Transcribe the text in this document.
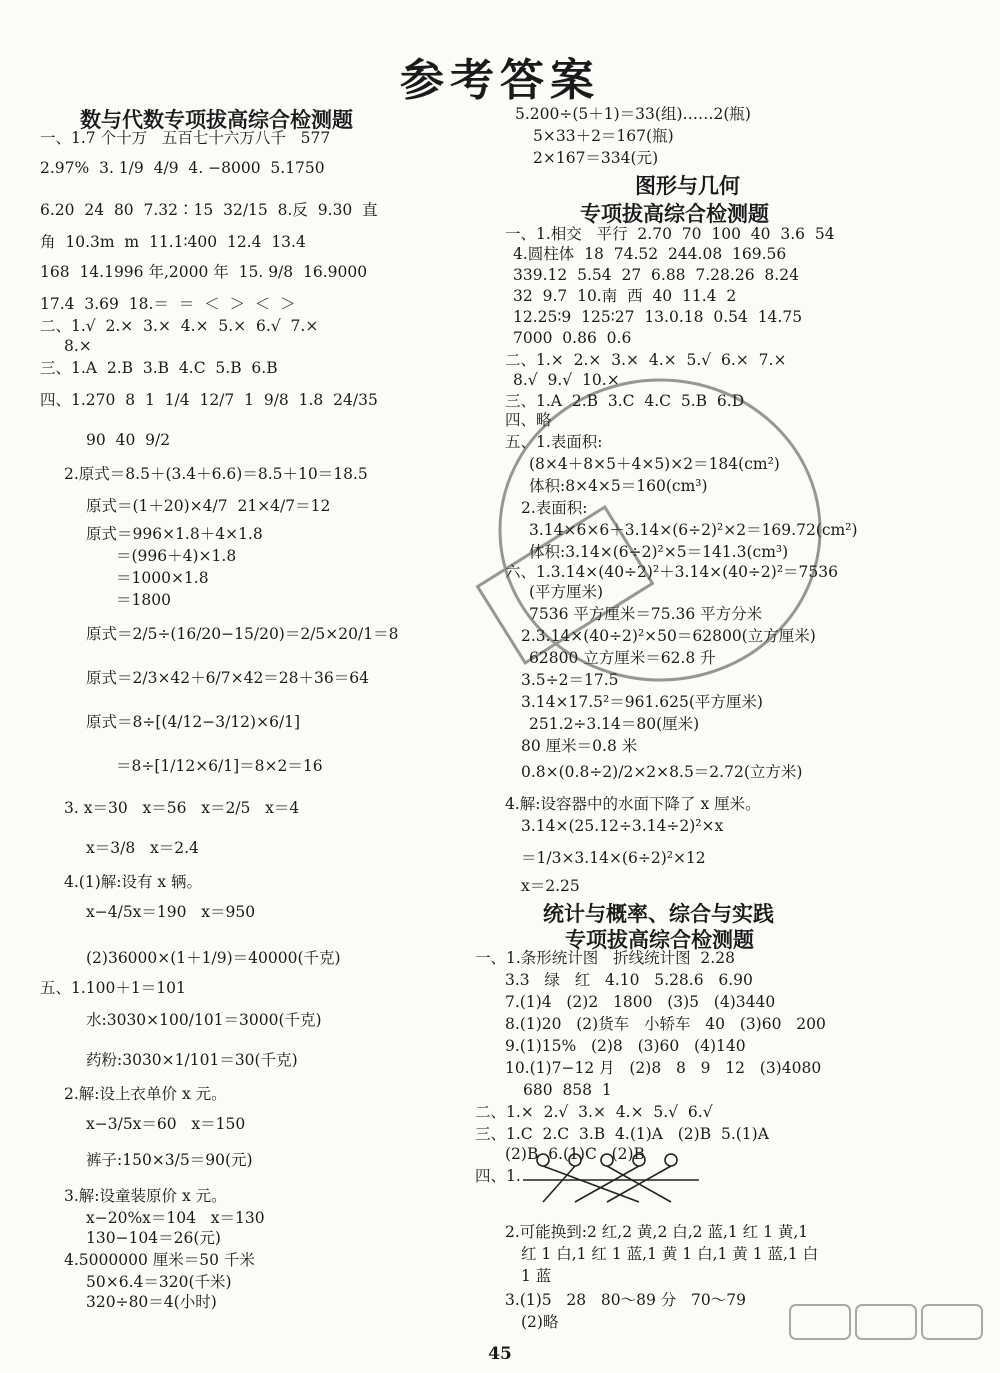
参考答案
数与代数专项拔高综合检测题
一、1.7 个十万   五百七十六万八千   577
2.97%  3. 1/9  4/9  4. −8000  5.1750
6.20  24  80  7.32∶15  32/15  8.反  9.30  直
角  10.3m  m  11.1∶400  12.4  13.4
168  14.1996 年,2000 年  15. 9/8  16.9000
17.4  3.69  18.＝  ＝  ＜  ＞  ＜  ＞
二、1.√  2.×  3.×  4.×  5.×  6.√  7.×
8.×
三、1.A  2.B  3.B  4.C  5.B  6.B
四、1.270  8  1  1/4  12/7  1  9/8  1.8  24/35
90  40  9/2
2.原式＝8.5＋(3.4＋6.6)＝8.5＋10＝18.5
原式＝(1＋20)×4/7  21×4/7＝12
原式＝996×1.8＋4×1.8
＝(996＋4)×1.8
＝1000×1.8
＝1800
原式＝2/5÷(16/20−15/20)＝2/5×20/1＝8
原式＝2/3×42＋6/7×42＝28＋36＝64
原式＝8÷[(4/12−3/12)×6/1]
＝8÷[1/12×6/1]＝8×2＝16
3. x＝30   x＝56   x＝2/5   x＝4
x＝3/8   x＝2.4
4.(1)解:设有 x 辆。
x−4/5x＝190   x＝950
(2)36000×(1＋1/9)＝40000(千克)
五、1.100＋1＝101
水:3030×100/101＝3000(千克)
药粉:3030×1/101＝30(千克)
2.解:设上衣单价 x 元。
x−3/5x＝60   x＝150
裤子:150×3/5＝90(元)
3.解:设童装原价 x 元。
x−20%x＝104   x＝130
130−104＝26(元)
4.5000000 厘米＝50 千米
50×6.4＝320(千米)
320÷80＝4(小时)
5.200÷(5＋1)＝33(组)……2(瓶)
5×33＋2＝167(瓶)
2×167＝334(元)
图形与几何
专项拔高综合检测题
一、1.相交   平行  2.70  70  100  40  3.6  54
4.圆柱体  18  74.52  244.08  169.56
339.12  5.54  27  6.88  7.28.26  8.24
32  9.7  10.南  西  40  11.4  2
12.25∶9  125∶27  13.0.18  0.54  14.75
7000  0.86  0.6
二、1.×  2.×  3.×  4.×  5.√  6.×  7.×
8.√  9.√  10.×
三、1.A  2.B  3.C  4.C  5.B  6.D
四、略
五、1.表面积:
(8×4＋8×5＋4×5)×2＝184(cm²)
体积:8×4×5＝160(cm³)
2.表面积:
3.14×6×6＋3.14×(6÷2)²×2＝169.72(cm²)
体积:3.14×(6÷2)²×5＝141.3(cm³)
六、1.3.14×(40÷2)²＋3.14×(40÷2)²＝7536
(平方厘米)
7536 平方厘米＝75.36 平方分米
2.3.14×(40÷2)²×50＝62800(立方厘米)
62800 立方厘米＝62.8 升
3.5÷2＝17.5
3.14×17.5²＝961.625(平方厘米)
251.2÷3.14＝80(厘米)
80 厘米＝0.8 米
0.8×(0.8÷2)/2×2×8.5＝2.72(立方米)
4.解:设容器中的水面下降了 x 厘米。
3.14×(25.12÷3.14÷2)²×x
＝1/3×3.14×(6÷2)²×12
x＝2.25
统计与概率、综合与实践
专项拔高综合检测题
一、1.条形统计图   折线统计图  2.28
3.3   绿   红   4.10   5.28.6   6.90
7.(1)4   (2)2   1800   (3)5   (4)3440
8.(1)20   (2)货车   小轿车   40   (3)60   200
9.(1)15%   (2)8   (3)60   (4)140
10.(1)7−12 月   (2)8   8   9   12   (3)4080
680  858  1
二、1.×  2.√  3.×  4.×  5.√  6.√
三、1.C  2.C  3.B  4.(1)A   (2)B  5.(1)A
(2)B  6.(1)C   (2)B
四、1.
2.可能换到:2 红,2 黄,2 白,2 蓝,1 红 1 黄,1
红 1 白,1 红 1 蓝,1 黄 1 白,1 黄 1 蓝,1 白
1 蓝
3.(1)5   28   80～89 分   70～79
(2)略
45
